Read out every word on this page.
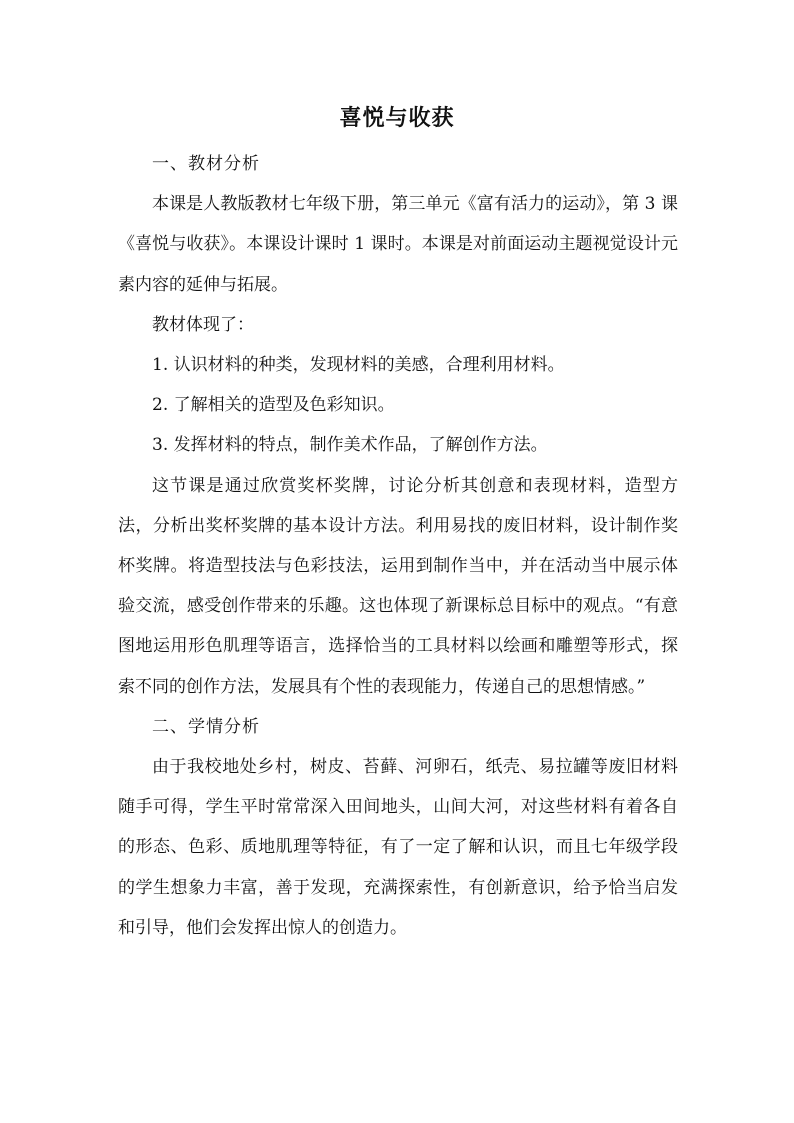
喜悦与收获

一、教材分析

本课是人教版教材七年级下册，第三单元《富有活力的运动》，第 3 课《喜悦与收获》。本课设计课时 1 课时。本课是对前面运动主题视觉设计元素内容的延伸与拓展。

教材体现了：

1. 认识材料的种类，发现材料的美感，合理利用材料。

2. 了解相关的造型及色彩知识。

3. 发挥材料的特点，制作美术作品，了解创作方法。

这节课是通过欣赏奖杯奖牌，讨论分析其创意和表现材料，造型方法，分析出奖杯奖牌的基本设计方法。利用易找的废旧材料，设计制作奖杯奖牌。将造型技法与色彩技法，运用到制作当中，并在活动当中展示体验交流，感受创作带来的乐趣。这也体现了新课标总目标中的观点。“有意图地运用形色肌理等语言，选择恰当的工具材料以绘画和雕塑等形式，探索不同的创作方法，发展具有个性的表现能力，传递自己的思想情感。”

二、学情分析

由于我校地处乡村，树皮、苔藓、河卵石，纸壳、易拉罐等废旧材料随手可得，学生平时常常深入田间地头，山间大河，对这些材料有着各自的形态、色彩、质地肌理等特征，有了一定了解和认识，而且七年级学段的学生想象力丰富，善于发现，充满探索性，有创新意识，给予恰当启发和引导，他们会发挥出惊人的创造力。
